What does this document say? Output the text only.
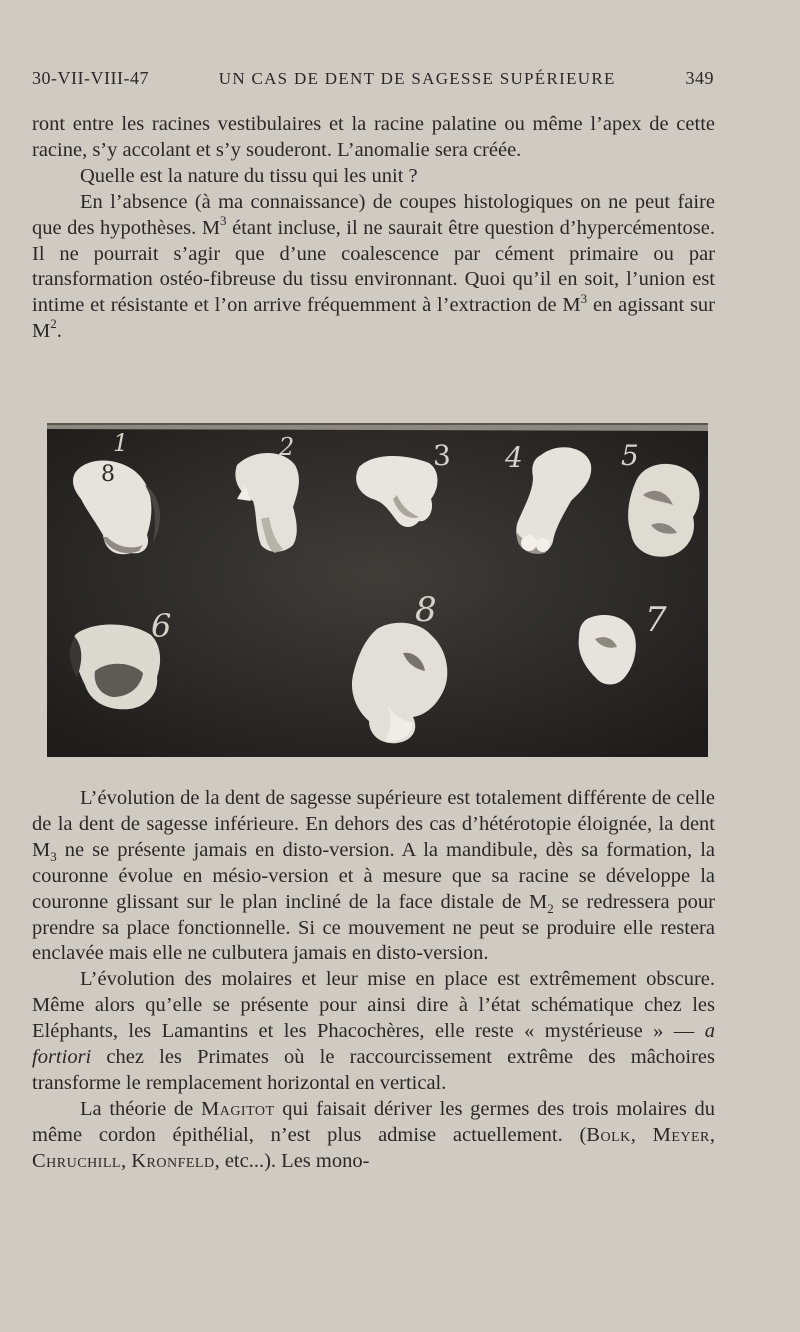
30-VII-VIII-47	UN CAS DE DENT DE SAGESSE SUPÉRIEURE	349

ront entre les racines vestibulaires et la racine palatine ou même l’apex de cette racine, s’y accolant et s’y souderont. L’anomalie sera créée.

Quelle est la nature du tissu qui les unit ?

En l’absence (à ma connaissance) de coupes histologiques on ne peut faire que des hypothèses. $M^3$ étant incluse, il ne saurait être question d’hypercémentose. Il ne pourrait s’agir que d’une coalescence par cément primaire ou par transformation ostéo-fibreuse du tissu environnant. Quoi qu’il en soit, l’union est intime et résistante et l’on arrive fréquemment à l’extraction de $M^3$ en agissant sur $M^2$.

8
1	2	3 4	5
6	8	7

L’évolution de la dent de sagesse supérieure est totalement différente de celle de la dent de sagesse inférieure. En dehors des cas d’hétérotopie éloignée, la dent $M_3$ ne se présente jamais en disto-version. A la mandibule, dès sa formation, la couronne évolue en mésio-version et à mesure que sa racine se développe la couronne glissant sur le plan incliné de la face distale de $M_2$ se redressera pour prendre sa place fonctionnelle. Si ce mouvement ne peut se produire elle restera enclavée mais elle ne culbutera jamais en disto-version.

L’évolution des molaires et leur mise en place est extrêmement obscure. Même alors qu’elle se présente pour ainsi dire à l’état schématique chez les Eléphants, les Lamantins et les Phacochères, elle reste « mystérieuse » — a fortiori chez les Primates où le raccourcissement extrême des mâchoires transforme le remplacement horizontal en vertical.

La théorie de Magitot qui faisait dériver les germes des trois molaires du même cordon épithélial, n’est plus admise actuellement. (Bolk, Meyer, Chruchill, Kronfeld, etc...). Les mono-
